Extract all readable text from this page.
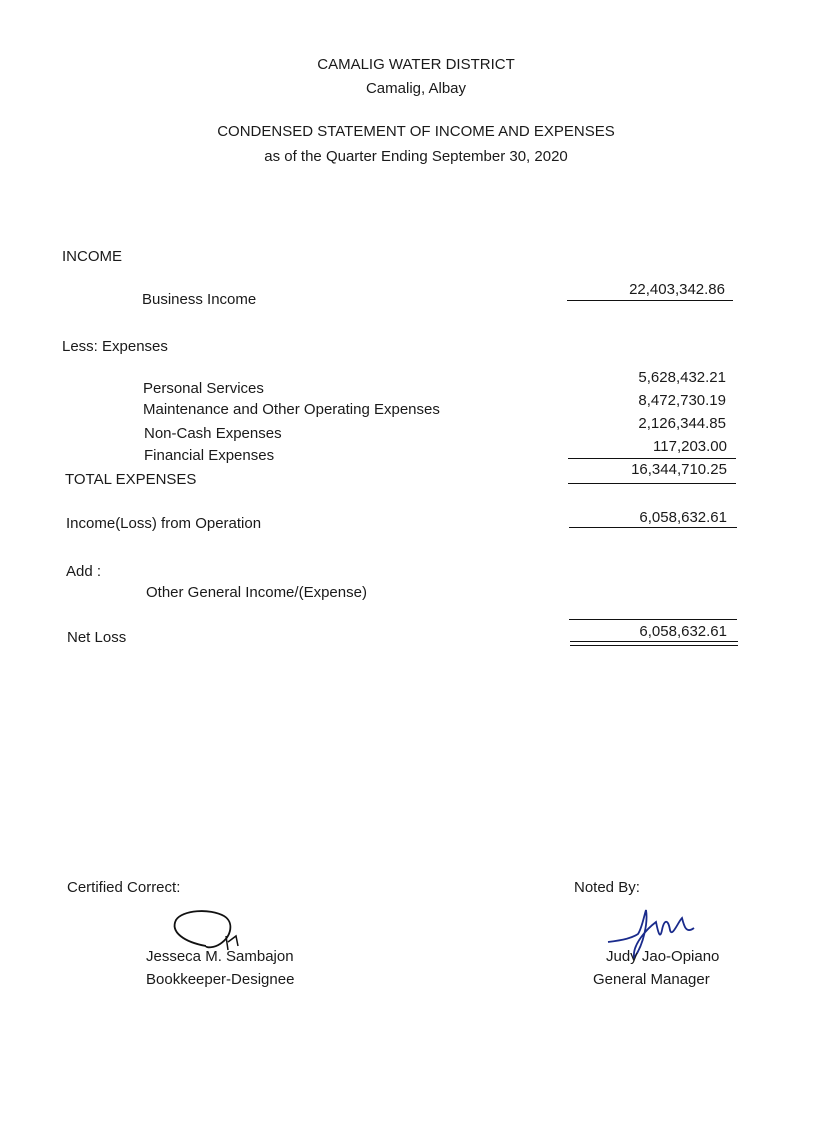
CAMALIG WATER DISTRICT
Camalig, Albay
CONDENSED STATEMENT OF INCOME AND EXPENSES
as of the Quarter Ending September 30, 2020
INCOME
Business Income
22,403,342.86
Less: Expenses
Personal Services
5,628,432.21
Maintenance and Other Operating Expenses
8,472,730.19
Non-Cash Expenses
2,126,344.85
Financial Expenses
117,203.00
TOTAL EXPENSES
16,344,710.25
Income(Loss) from Operation	6,058,632.61
Add :
Other General Income/(Expense)
Net Loss	6,058,632.61
Certified Correct:
Jesseca M. Sambajon
Bookkeeper-Designee
Noted By:
Judy Jao-Opiano
General Manager
